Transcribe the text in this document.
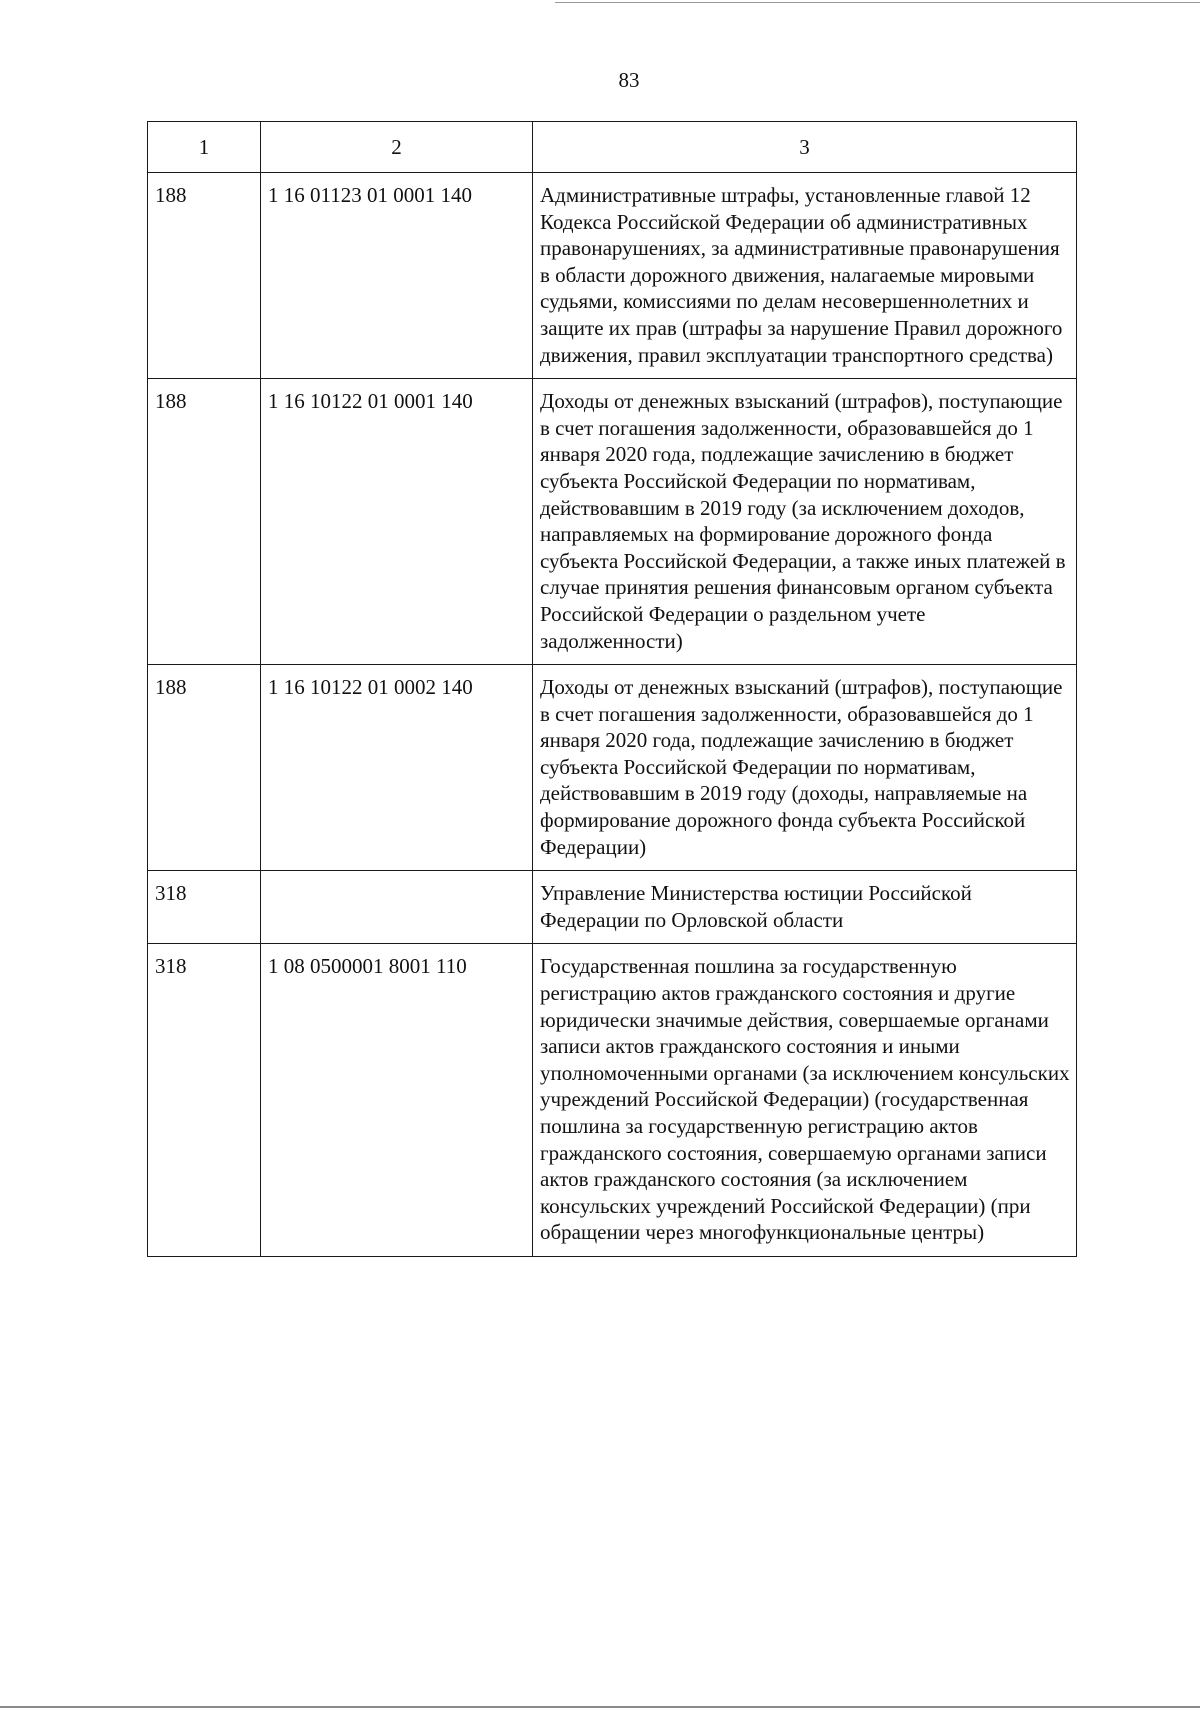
83
1	2	3
188	1 16 01123 01 0001 140	Административные штрафы, установленные главой 12 Кодекса Российской Федерации об административных правонарушениях, за административные правонарушения в области дорожного движения, налагаемые мировыми судьями, комиссиями по делам несовершеннолетних и защите их прав (штрафы за нарушение Правил дорожного движения, правил эксплуатации транспортного средства)
188	1 16 10122 01 0001 140	Доходы от денежных взысканий (штрафов), поступающие в счет погашения задолженности, образовавшейся до 1 января 2020 года, подлежащие зачислению в бюджет субъекта Российской Федерации по нормативам, действовавшим в 2019 году (за исключением доходов, направляемых на формирование дорожного фонда субъекта Российской Федерации, а также иных платежей в случае принятия решения финансовым органом субъекта Российской Федерации о раздельном учете задолженности)
188	1 16 10122 01 0002 140	Доходы от денежных взысканий (штрафов), поступающие в счет погашения задолженности, образовавшейся до 1 января 2020 года, подлежащие зачислению в бюджет субъекта Российской Федерации по нормативам, действовавшим в 2019 году (доходы, направляемые на формирование дорожного фонда субъекта Российской Федерации)
318		Управление Министерства юстиции Российской Федерации по Орловской области
318	1 08 0500001 8001 110	Государственная пошлина за государственную регистрацию актов гражданского состояния и другие юридически значимые действия, совершаемые органами записи актов гражданского состояния и иными уполномоченными органами (за исключением консульских учреждений Российской Федерации) (государственная пошлина за государственную регистрацию актов гражданского состояния, совершаемую органами записи актов гражданского состояния (за исключением консульских учреждений Российской Федерации) (при обращении через многофункциональные центры)
